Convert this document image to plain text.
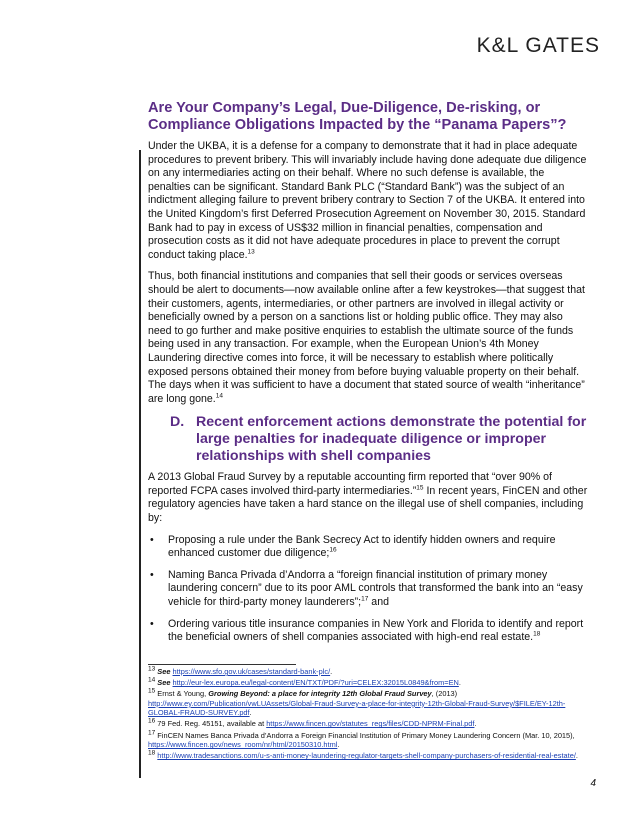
K&L GATES
Are Your Company’s Legal, Due-Diligence, De-risking, or Compliance Obligations Impacted by the “Panama Papers”?

Under the UKBA, it is a defense for a company to demonstrate that it had in place adequate procedures to prevent bribery. This will invariably include having done adequate due diligence on any intermediaries acting on their behalf. Where no such defense is available, the penalties can be significant. Standard Bank PLC (“Standard Bank”) was the subject of an indictment alleging failure to prevent bribery contrary to Section 7 of the UKBA. It entered into the United Kingdom’s first Deferred Prosecution Agreement on November 30, 2015. Standard Bank had to pay in excess of US$32 million in financial penalties, compensation and prosecution costs as it did not have adequate procedures in place to prevent the corrupt conduct taking place.$^{13}$

Thus, both financial institutions and companies that sell their goods or services overseas should be alert to documents—now available online after a few keystrokes—that suggest that their customers, agents, intermediaries, or other partners are involved in illegal activity or beneficially owned by a person on a sanctions list or holding public office. They may also need to go further and make positive enquiries to establish the ultimate source of the funds being used in any transaction. For example, when the European Union’s 4th Money Laundering directive comes into force, it will be necessary to establish where politically exposed persons obtained their money from before buying valuable property on their behalf. The days when it was sufficient to have a document that stated source of wealth “inheritance” are long gone.$^{14}$

D. Recent enforcement actions demonstrate the potential for large penalties for inadequate diligence or improper relationships with shell companies

A 2013 Global Fraud Survey by a reputable accounting firm reported that “over 90% of reported FCPA cases involved third-party intermediaries.”$^{15}$ In recent years, FinCEN and other regulatory agencies have taken a hard stance on the illegal use of shell companies, including by:

•	Proposing a rule under the Bank Secrecy Act to identify hidden owners and require enhanced customer due diligence;$^{16}$
•	Naming Banca Privada d’Andorra a “foreign financial institution of primary money laundering concern” due to its poor AML controls that transformed the bank into an “easy vehicle for third-party money launderers”;$^{17}$ and
•	Ordering various title insurance companies in New York and Florida to identify and report the beneficial owners of shell companies associated with high-end real estate.$^{18}$
$^{13}$ See https://www.sfo.gov.uk/cases/standard-bank-plc/.
$^{14}$ See http://eur-lex.europa.eu/legal-content/EN/TXT/PDF/?uri=CELEX:32015L0849&from=EN.
$^{15}$ Ernst & Young, Growing Beyond: a place for integrity 12th Global Fraud Survey, (2013) http://www.ey.com/Publication/vwLUAssets/Global-Fraud-Survey-a-place-for-integrity-12th-Global-Fraud-Survey/$FILE/EY-12th-GLOBAL-FRAUD-SURVEY.pdf.
$^{16}$ 79 Fed. Reg. 45151, available at https://www.fincen.gov/statutes_regs/files/CDD-NPRM-Final.pdf.
$^{17}$ FinCEN Names Banca Privada d’Andorra a Foreign Financial Institution of Primary Money Laundering Concern (Mar. 10, 2015), https://www.fincen.gov/news_room/nr/html/20150310.html.
$^{18}$ http://www.tradesanctions.com/u-s-anti-money-laundering-regulator-targets-shell-company-purchasers-of-residential-real-estate/.
4
